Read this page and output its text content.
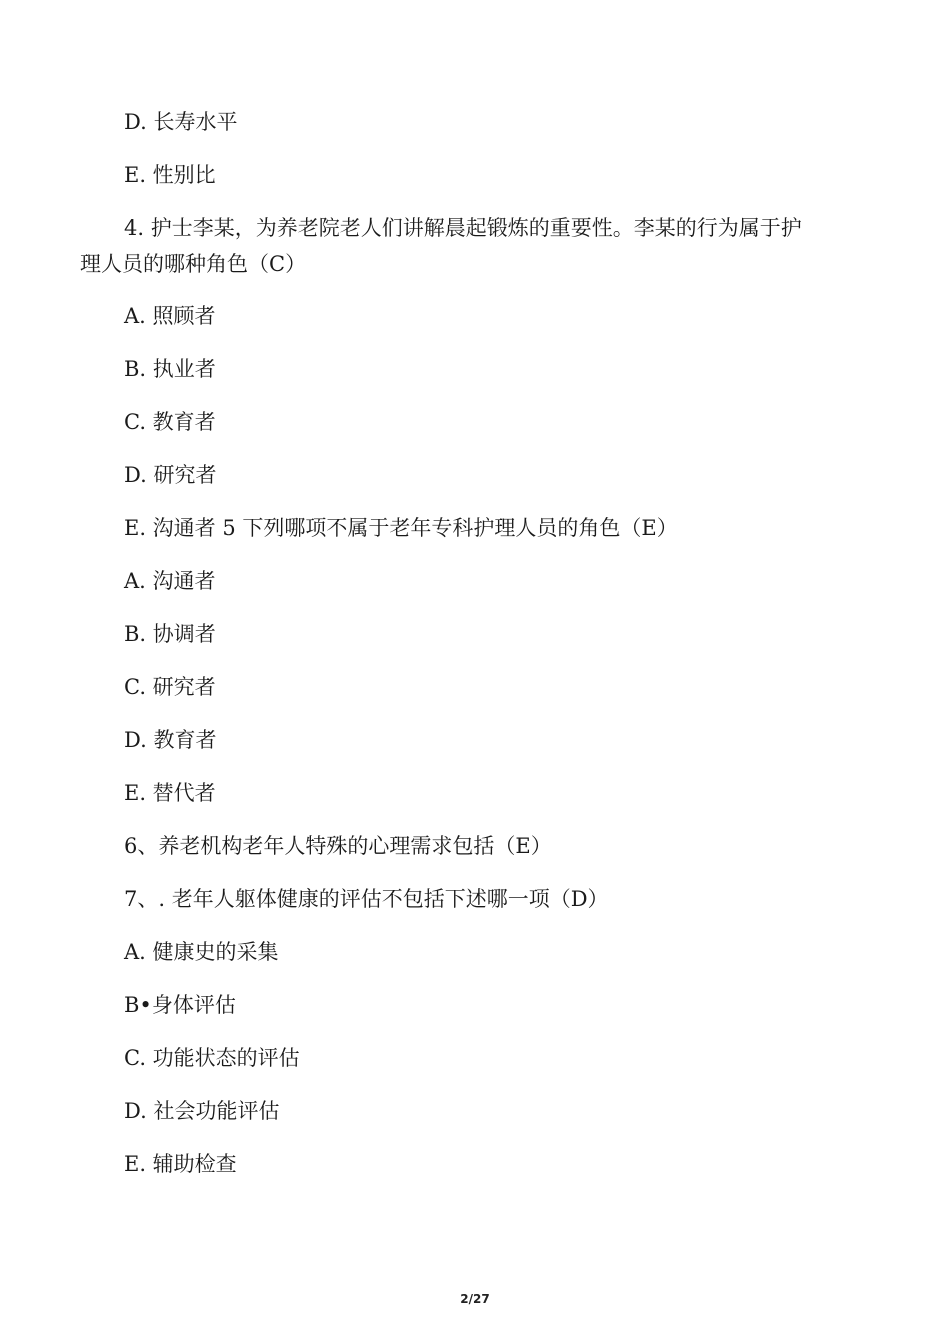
D. 长寿水平
E. 性别比
4. 护士李某，为养老院老人们讲解晨起锻炼的重要性。李某的行为属于护
理人员的哪种角色（C）
A. 照顾者
B. 执业者
C. 教育者
D. 研究者
E. 沟通者 5 下列哪项不属于老年专科护理人员的角色（E）
A. 沟通者
B. 协调者
C. 研究者
D. 教育者
E. 替代者
6、养老机构老年人特殊的心理需求包括（E）
7、. 老年人躯体健康的评估不包括下述哪一项（D）
A. 健康史的采集
B•身体评估
C. 功能状态的评估
D. 社会功能评估
E. 辅助检查
2/27
